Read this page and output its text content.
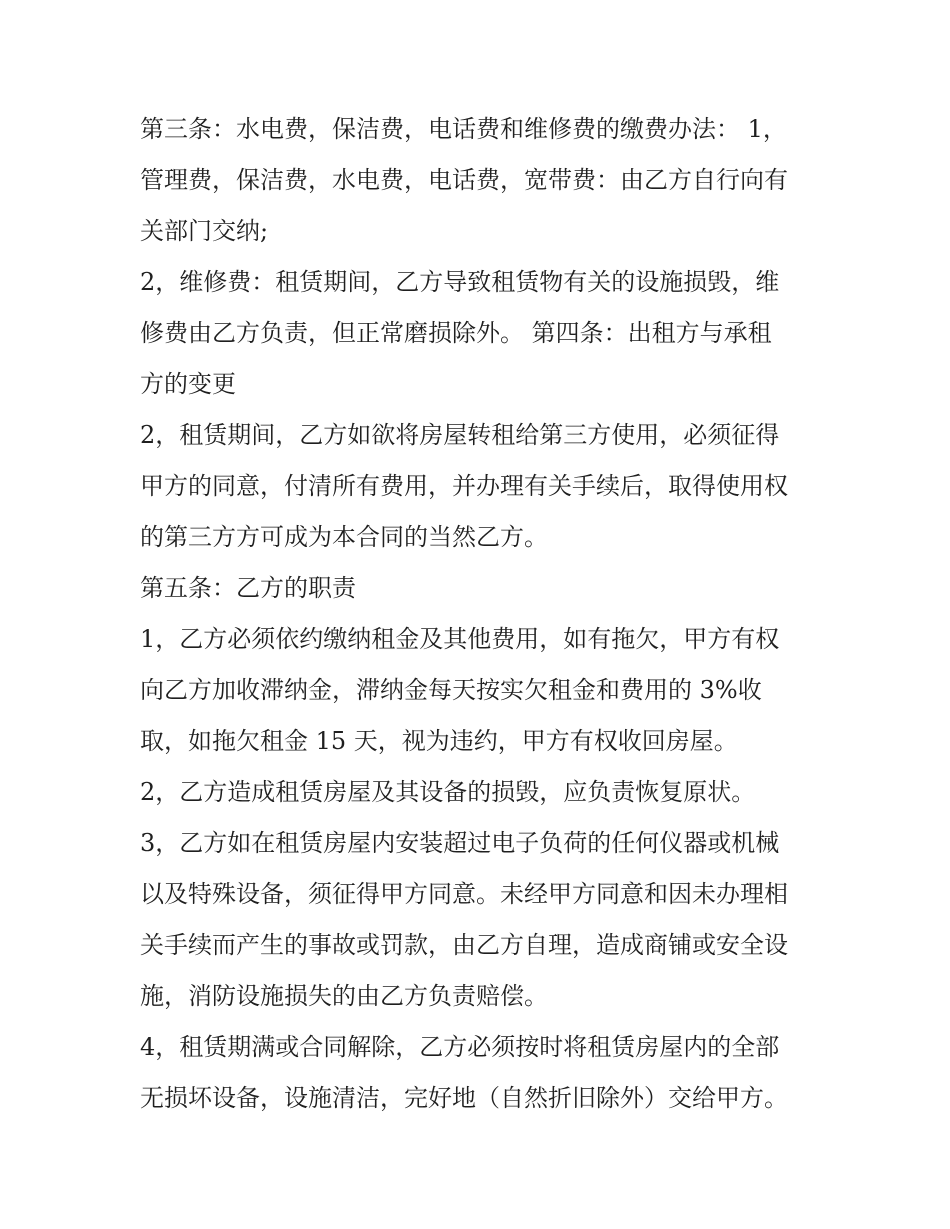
第三条：水电费，保洁费，电话费和维修费的缴费办法： 1，
管理费，保洁费，水电费，电话费，宽带费：由乙方自行向有
关部门交纳;
2，维修费：租赁期间，乙方导致租赁物有关的设施损毁，维
修费由乙方负责，但正常磨损除外。 第四条：出租方与承租
方的变更
2，租赁期间，乙方如欲将房屋转租给第三方使用，必须征得
甲方的同意，付清所有费用，并办理有关手续后，取得使用权
的第三方方可成为本合同的当然乙方。
第五条：乙方的职责
1，乙方必须依约缴纳租金及其他费用，如有拖欠，甲方有权
向乙方加收滞纳金，滞纳金每天按实欠租金和费用的 3%收
取，如拖欠租金 15 天，视为违约，甲方有权收回房屋。
2，乙方造成租赁房屋及其设备的损毁，应负责恢复原状。
3，乙方如在租赁房屋内安装超过电子负荷的任何仪器或机械
以及特殊设备，须征得甲方同意。未经甲方同意和因未办理相
关手续而产生的事故或罚款，由乙方自理，造成商铺或安全设
施，消防设施损失的由乙方负责赔偿。
4，租赁期满或合同解除，乙方必须按时将租赁房屋内的全部
无损坏设备，设施清洁，完好地（自然折旧除外）交给甲方。
